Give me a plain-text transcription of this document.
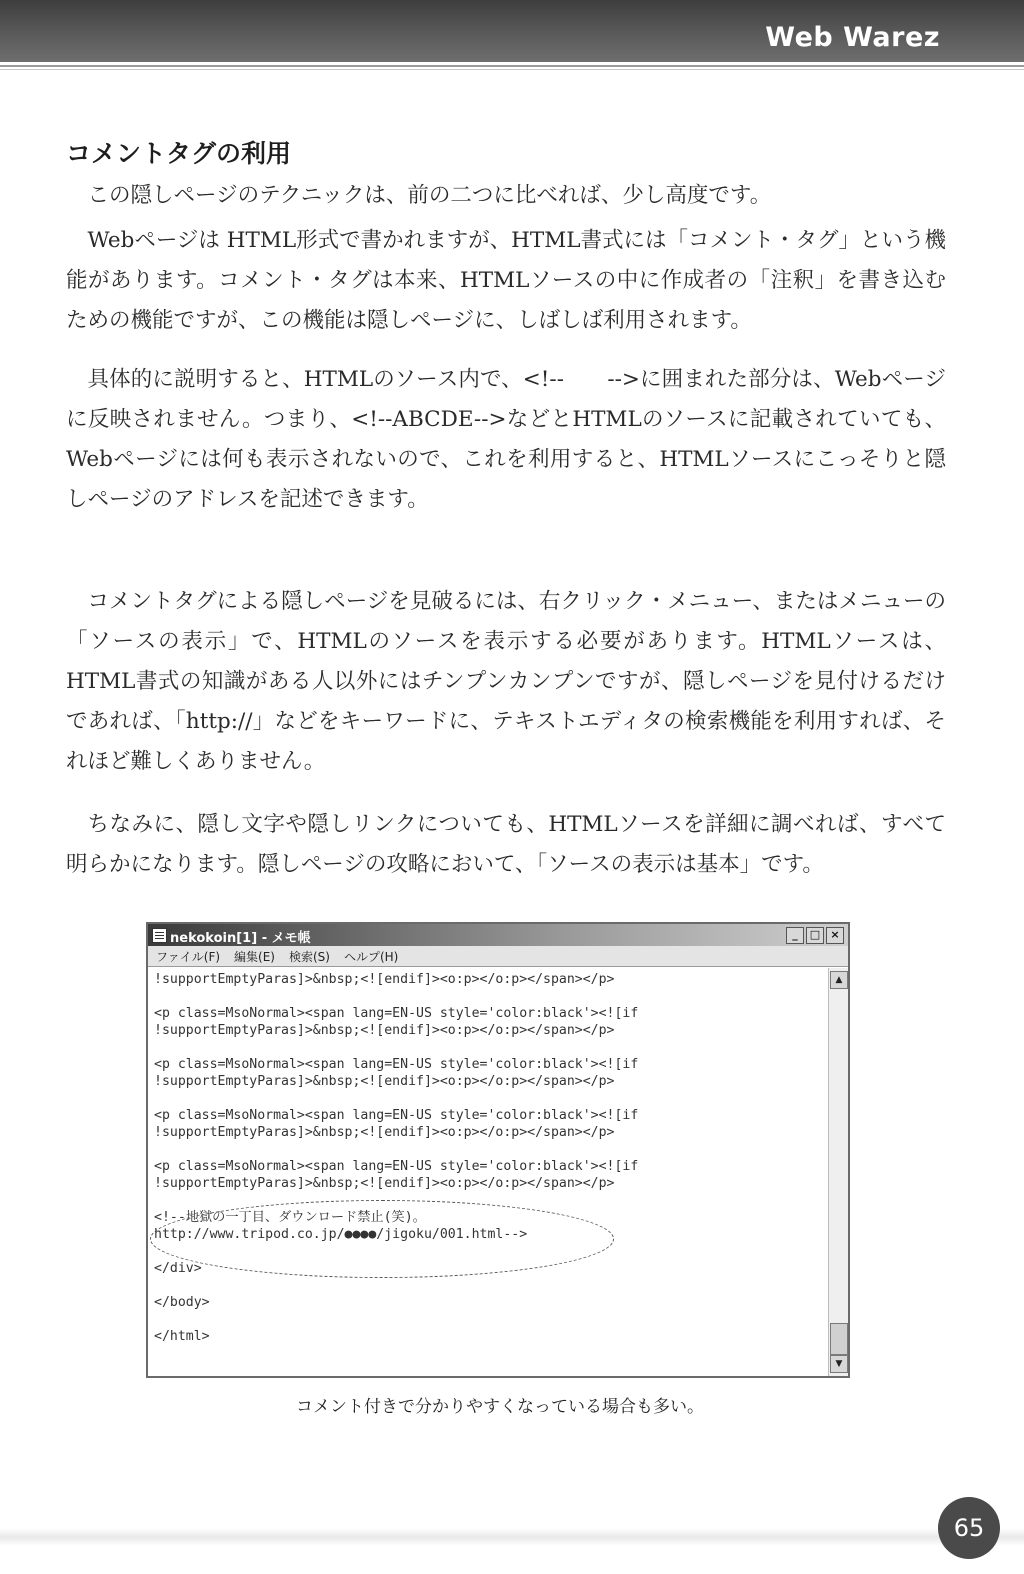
Web Warez
コメントタグの利用

この隠しページのテクニックは、前の二つに比べれば、少し高度です。

Webページは HTML形式で書かれますが、HTML書式には「コメント・タグ」という機能があります。コメント・タグは本来、HTMLソースの中に作成者の「注釈」を書き込むための機能ですが、この機能は隠しページに、しばしば利用されます。

具体的に説明すると、HTMLのソース内で、<!--　　-->に囲まれた部分は、Webページに反映されません。つまり、<!--ABCDE-->などとHTMLのソースに記載されていても、Webページには何も表示されないので、これを利用すると、HTMLソースにこっそりと隠しページのアドレスを記述できます。

コメントタグによる隠しページを見破るには、右クリック・メニュー、またはメニューの「ソースの表示」で、HTMLのソースを表示する必要があります。HTMLソースは、HTML書式の知識がある人以外にはチンプンカンプンですが、隠しページを見付けるだけであれば、「http://」などをキーワードに、テキストエディタの検索機能を利用すれば、それほど難しくありません。

ちなみに、隠し文字や隠しリンクについても、HTMLソースを詳細に調べれば、すべて明らかになります。隠しページの攻略において、「ソースの表示は基本」です。

nekokoin[1] - メモ帳	_	□ ×
ファイル(F) 編集(E) 検索(S) ヘルプ(H)
!supportEmptyParas]>&nbsp;<![endif]><o:p></o:p></span></p>
<p class=MsoNormal><span lang=EN-US style='color:black'><![if
!supportEmptyParas]>&nbsp;<![endif]><o:p></o:p></span></p>
<p class=MsoNormal><span lang=EN-US style='color:black'><![if
!supportEmptyParas]>&nbsp;<![endif]><o:p></o:p></span></p>
<p class=MsoNormal><span lang=EN-US style='color:black'><![if
!supportEmptyParas]>&nbsp;<![endif]><o:p></o:p></span></p>
<p class=MsoNormal><span lang=EN-US style='color:black'><![if
!supportEmptyParas]>&nbsp;<![endif]><o:p></o:p></span></p>
<!--地獄の一丁目、ダウンロード禁止(笑)。
http://www.tripod.co.jp/●●●●/jigoku/001.html-->
</div>
</body>
</html>
▲
▼
コメント付きで分かりやすくなっている場合も多い。
65
